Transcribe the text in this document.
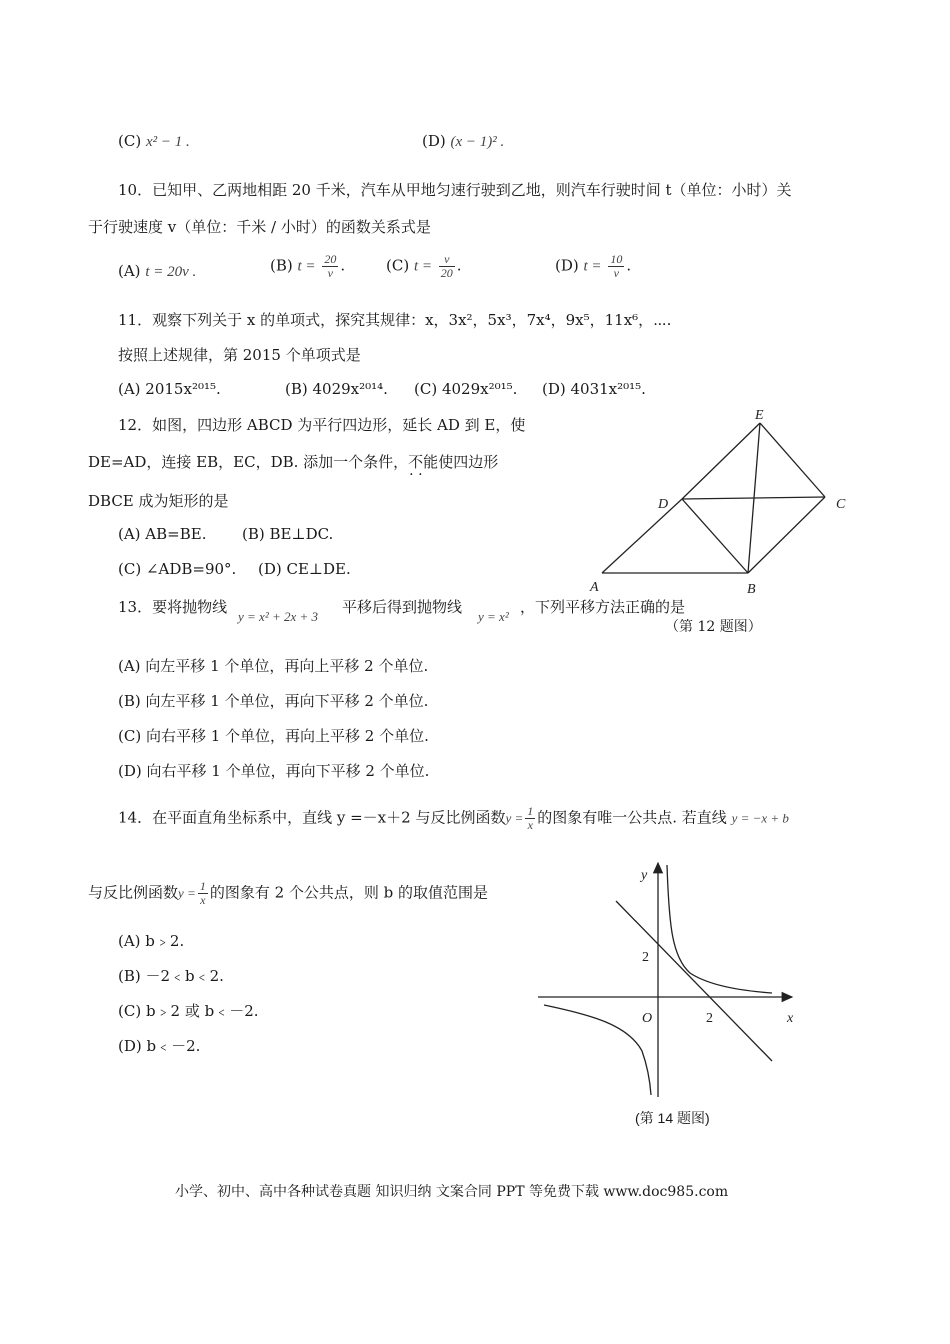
(C) x² − 1 .	(D) (x − 1)² .
10．已知甲、乙两地相距 20 千米，汽车从甲地匀速行驶到乙地，则汽车行驶时间 t（单位：小时）关
于行驶速度 v（单位：千米 / 小时）的函数关系式是
(A) t = 20v .	(B) $t = \frac{20}{v}$ .	(C) $t = \frac{v}{20}$ .	(D) $t = \frac{10}{v}$ .
11．观察下列关于 x 的单项式，探究其规律：x，3x²，5x³，7x⁴，9x⁵，11x⁶，⋯.
按照上述规律，第 2015 个单项式是
(A) 2015x²⁰¹⁵.	(B) 4029x²⁰¹⁴. (C) 4029x²⁰¹⁵. (D) 4031x²⁰¹⁵.
12．如图，四边形 ABCD 为平行四边形，延长 AD 到 E，使
DE=AD，连接 EB，EC，DB. 添加一个条件，不能 · ·使四边形
DBCE 成为矩形的是
(A) AB=BE. (B) BE⊥DC.
(C) ∠ADB=90°. (D) CE⊥DE.
E
D	C
A	B
（第 12 题图）
13．要将抛物线
y = x² + 2x + 3
平移后得到抛物线
y = x²
，下列平移方法正确的是
(A) 向左平移 1 个单位，再向上平移 2 个单位.
(B) 向左平移 1 个单位，再向下平移 2 个单位.
(C) 向右平移 1 个单位，再向上平移 2 个单位.
(D) 向右平移 1 个单位，再向下平移 2 个单位.
14．在平面直角坐标系中，直线 y =－x＋2 与反比例函数$y = \frac{1}{x}$ 的图象有唯一公共点. 若直线 y = −x + b
与反比例函数$y = \frac{1}{x}$ 的图象有 2 个公共点，则 b 的取值范围是
(A) b﹥2.
(B) －2﹤b﹤2.
(C) b﹥2 或 b﹤－2.
(D) b﹤－2.
y
x
O
2
2
(第 14 题图)
小学、初中、高中各种试卷真题 知识归纳 文案合同 PPT 等免费下载 www.doc985.com
